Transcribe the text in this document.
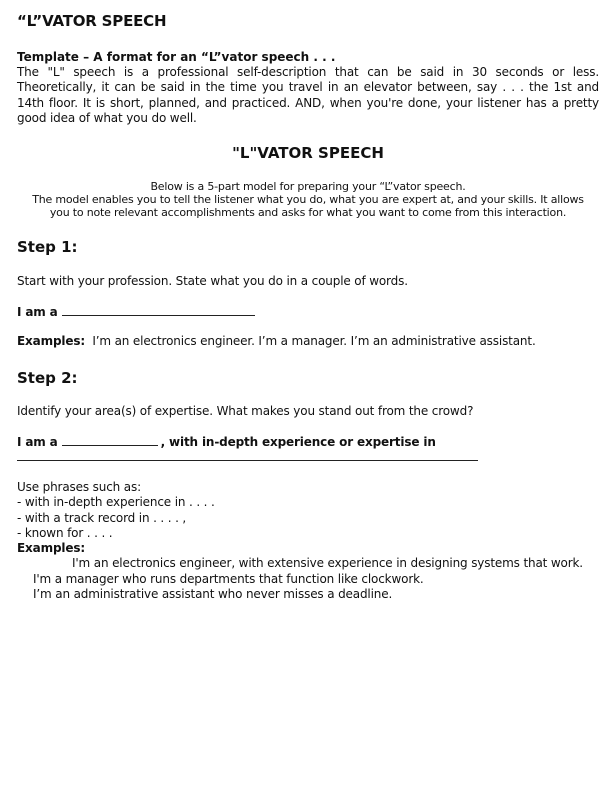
“L”VATOR SPEECH
Template – A format for an “L”vator speech . . .
The "L" speech is a professional self-description that can be said in 30 seconds or less.
Theoretically, it can be said in the time you travel in an elevator between, say . . . the 1st and
14th floor. It is short, planned, and practiced. AND, when you're done, your listener has a pretty
good idea of what you do well.
"L"VATOR SPEECH
Below is a 5-part model for preparing your “L”vator speech.
The model enables you to tell the listener what you do, what you are expert at, and your skills. It allows
you to note relevant accomplishments and asks for what you want to come from this interaction.
Step 1:
Start with your profession. State what you do in a couple of words.
I am a
Examples: I’m an electronics engineer. I’m a manager. I’m an administrative assistant.
Step 2:
Identify your area(s) of expertise. What makes you stand out from the crowd?
I am a	, with in-depth experience or expertise in
Use phrases such as:
- with in-depth experience in . . . .
- with a track record in . . . . ,
- known for . . . .
Examples:
I'm an electronics engineer, with extensive experience in designing systems that work.
I'm a manager who runs departments that function like clockwork.
I’m an administrative assistant who never misses a deadline.
